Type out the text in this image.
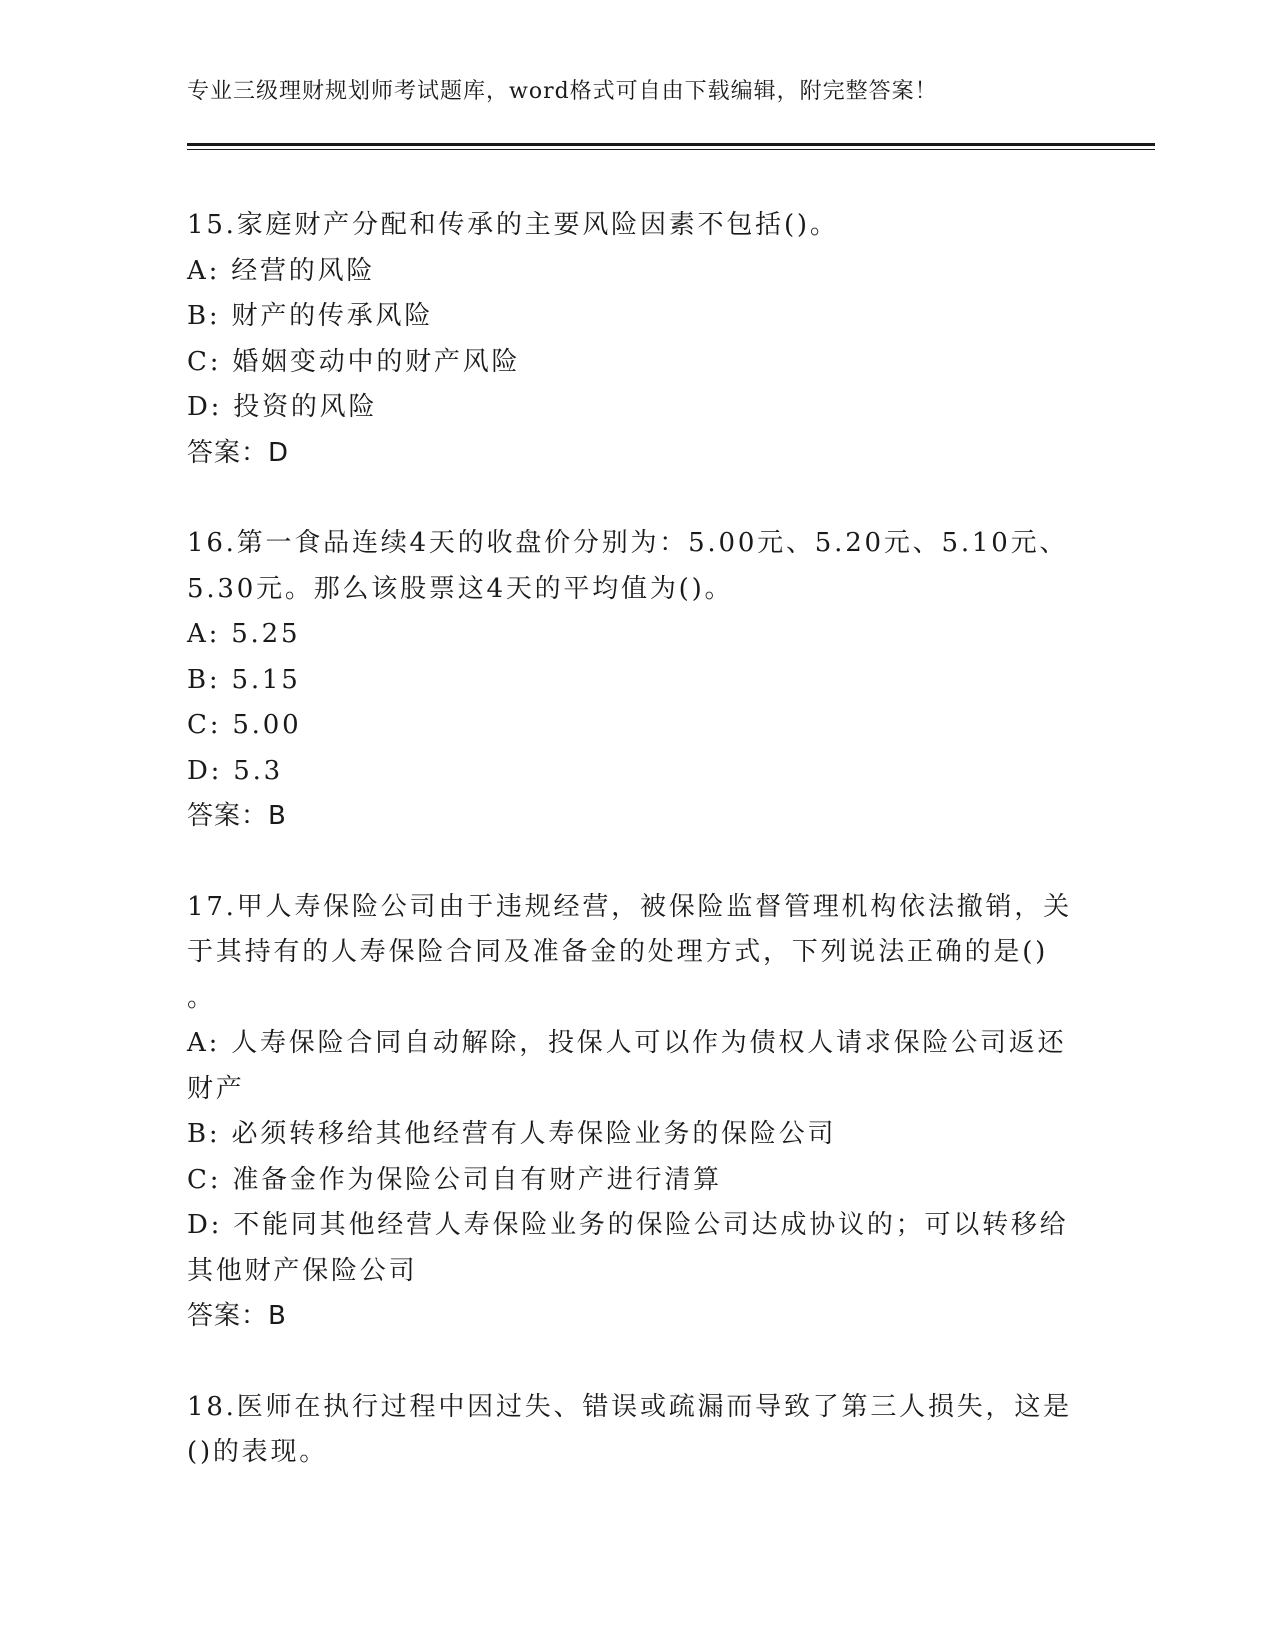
专业三级理财规划师考试题库，word格式可自由下载编辑，附完整答案！
15.家庭财产分配和传承的主要风险因素不包括()。
A: 经营的风险
B: 财产的传承风险
C: 婚姻变动中的财产风险
D: 投资的风险
答案：D
16.第一食品连续4天的收盘价分别为：5.00元、5.20元、5.10元、
5.30元。那么该股票这4天的平均值为()。
A: 5.25
B: 5.15
C: 5.00
D: 5.3
答案：B
17.甲人寿保险公司由于违规经营，被保险监督管理机构依法撤销，关
于其持有的人寿保险合同及准备金的处理方式，下列说法正确的是()
。
A: 人寿保险合同自动解除，投保人可以作为债权人请求保险公司返还
财产
B: 必须转移给其他经营有人寿保险业务的保险公司
C: 准备金作为保险公司自有财产进行清算
D: 不能同其他经营人寿保险业务的保险公司达成协议的；可以转移给
其他财产保险公司
答案：B
18.医师在执行过程中因过失、错误或疏漏而导致了第三人损失，这是
()的表现。
